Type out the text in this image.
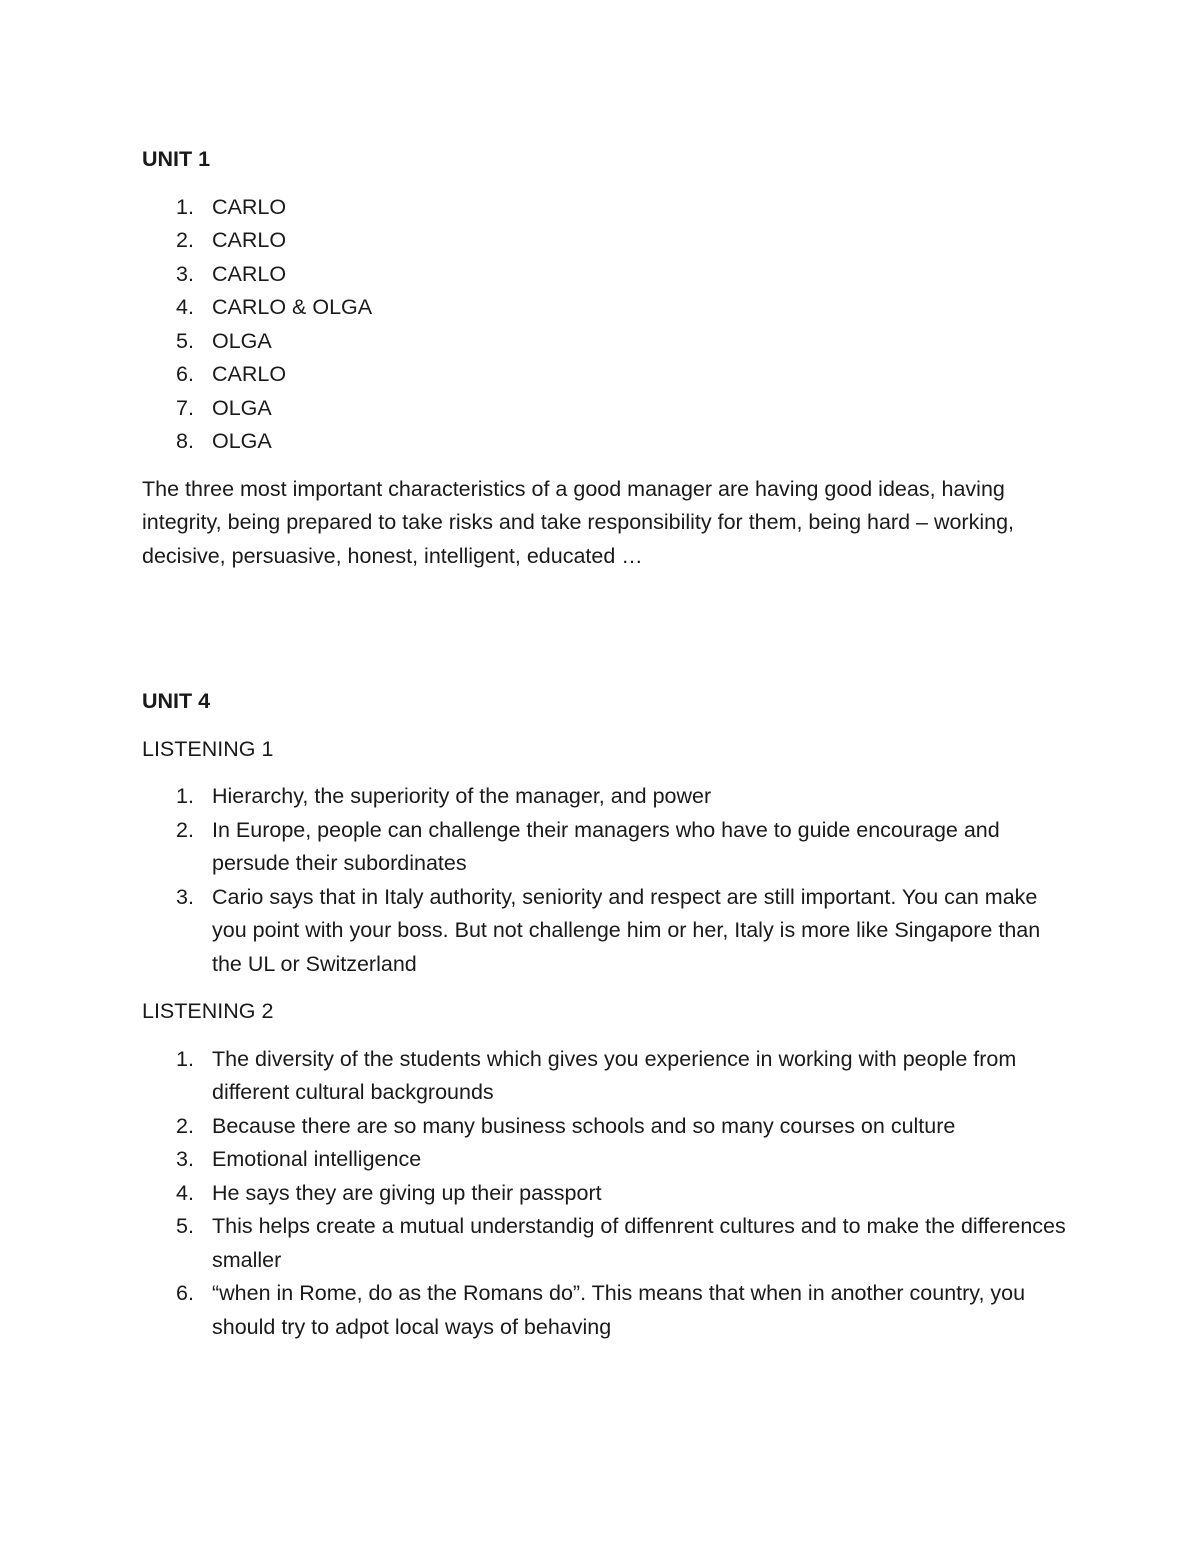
UNIT 1

1. CARLO
2. CARLO
3. CARLO
4. CARLO & OLGA
5. OLGA
6. CARLO
7. OLGA
8. OLGA

The three most important characteristics of a good manager are having good ideas, having integrity, being prepared to take risks and take responsibility for them, being hard – working, decisive, persuasive, honest, intelligent, educated …

UNIT 4

LISTENING 1

1. Hierarchy, the superiority of the manager, and power
2. In Europe, people can challenge their managers who have to guide encourage and persude their subordinates
3. Cario says that in Italy authority, seniority and respect are still important. You can make you point with your boss. But not challenge him or her, Italy is more like Singapore than the UL or Switzerland

LISTENING 2

1. The diversity of the students which gives you experience in working with people from different cultural backgrounds
2. Because there are so many business schools and so many courses on culture
3. Emotional intelligence
4. He says they are giving up their passport
5. This helps create a mutual understandig of diffenrent cultures and to make the differences smaller
6. “when in Rome, do as the Romans do”. This means that when in another country, you should try to adpot local ways of behaving
